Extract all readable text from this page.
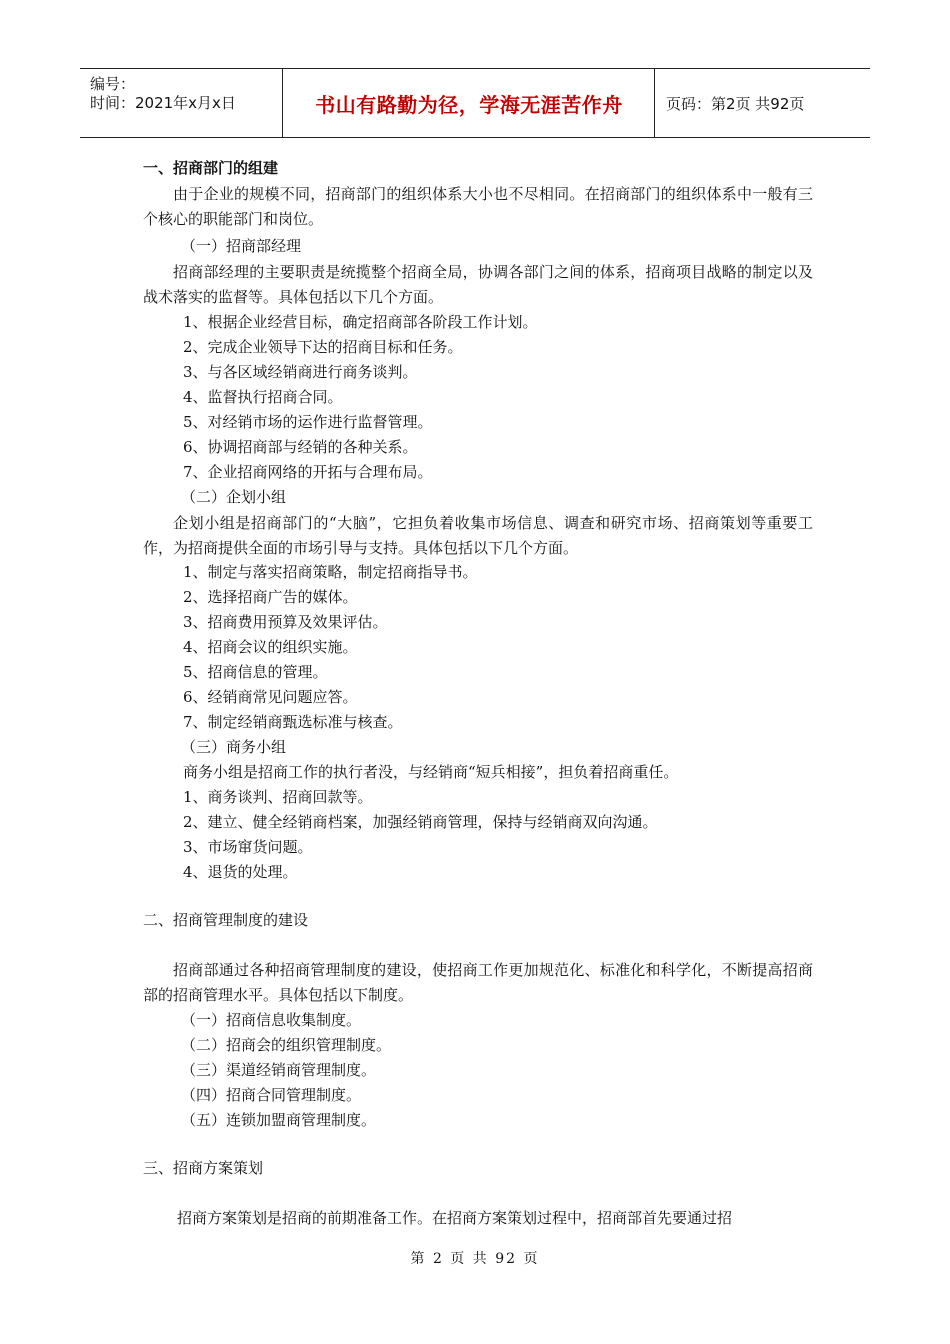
编号：
时间：2021年x月x日	书山有路勤为径，学海无涯苦作舟	页码：第2页 共92页
一、招商部门的组建
由于企业的规模不同，招商部门的组织体系大小也不尽相同。在招商部门的组织体系中一般有三个核心的职能部门和岗位。
（一）招商部经理
招商部经理的主要职责是统揽整个招商全局，协调各部门之间的体系，招商项目战略的制定以及战术落实的监督等。具体包括以下几个方面。
1、根据企业经营目标，确定招商部各阶段工作计划。
2、完成企业领导下达的招商目标和任务。
3、与各区域经销商进行商务谈判。
4、监督执行招商合同。
5、对经销市场的运作进行监督管理。
6、协调招商部与经销的各种关系。
7、企业招商网络的开拓与合理布局。
（二）企划小组
企划小组是招商部门的“大脑”，它担负着收集市场信息、调查和研究市场、招商策划等重要工作，为招商提供全面的市场引导与支持。具体包括以下几个方面。
1、制定与落实招商策略，制定招商指导书。
2、选择招商广告的媒体。
3、招商费用预算及效果评估。
4、招商会议的组织实施。
5、招商信息的管理。
6、经销商常见问题应答。
7、制定经销商甄选标准与核查。
（三）商务小组
商务小组是招商工作的执行者没，与经销商“短兵相接”，担负着招商重任。
1、商务谈判、招商回款等。
2、建立、健全经销商档案，加强经销商管理，保持与经销商双向沟通。
3、市场窜货问题。
4、退货的处理。
二、招商管理制度的建设
招商部通过各种招商管理制度的建设，使招商工作更加规范化、标准化和科学化，不断提高招商部的招商管理水平。具体包括以下制度。
（一）招商信息收集制度。
（二）招商会的组织管理制度。
（三）渠道经销商管理制度。
（四）招商合同管理制度。
（五）连锁加盟商管理制度。
三、招商方案策划
招商方案策划是招商的前期准备工作。在招商方案策划过程中，招商部首先要通过招
第 2 页 共 92 页
